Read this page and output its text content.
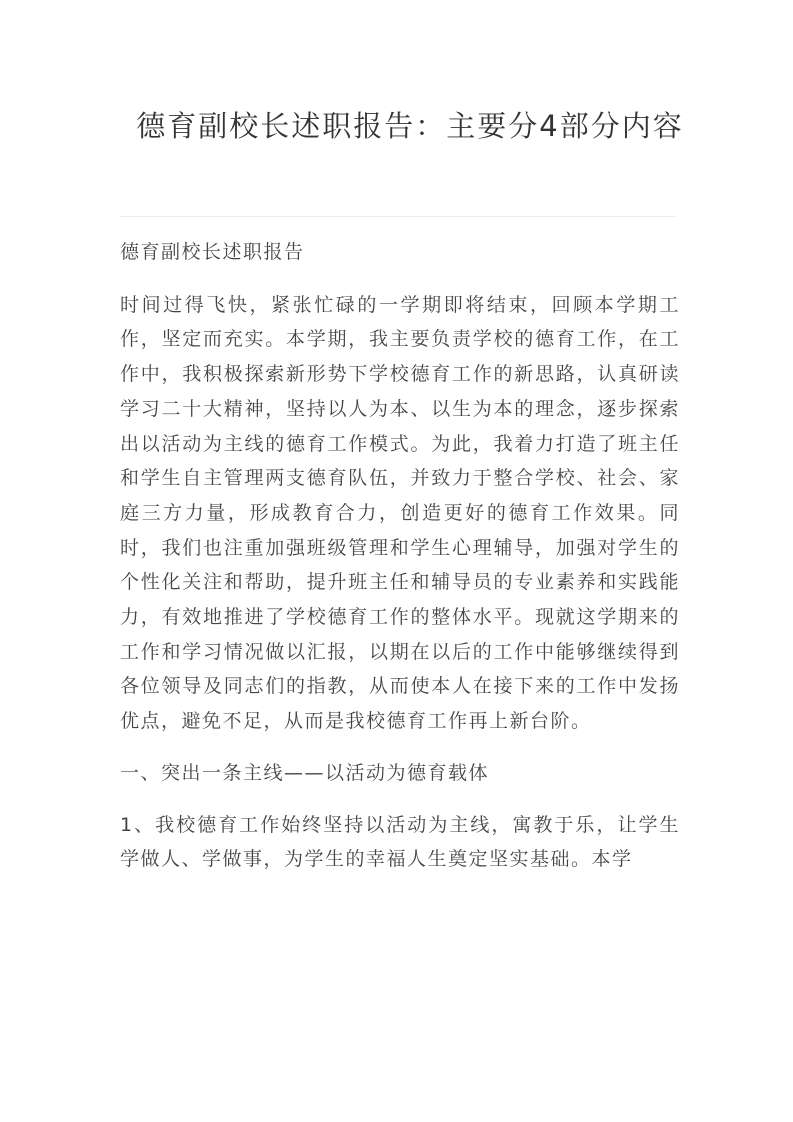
德育副校长述职报告：主要分4部分内容

德育副校长述职报告

时间过得飞快，紧张忙碌的一学期即将结束，回顾本学期工作，坚定而充实。本学期，我主要负责学校的德育工作，在工作中，我积极探索新形势下学校德育工作的新思路，认真研读学习二十大精神，坚持以人为本、以生为本的理念，逐步探索出以活动为主线的德育工作模式。为此，我着力打造了班主任和学生自主管理两支德育队伍，并致力于整合学校、社会、家庭三方力量，形成教育合力，创造更好的德育工作效果。同时，我们也注重加强班级管理和学生心理辅导，加强对学生的个性化关注和帮助，提升班主任和辅导员的专业素养和实践能力，有效地推进了学校德育工作的整体水平。现就这学期来的工作和学习情况做以汇报，以期在以后的工作中能够继续得到各位领导及同志们的指教，从而使本人在接下来的工作中发扬优点，避免不足，从而是我校德育工作再上新台阶。

一、突出一条主线——以活动为德育载体

1、我校德育工作始终坚持以活动为主线，寓教于乐，让学生学做人、学做事，为学生的幸福人生奠定坚实基础。本学
